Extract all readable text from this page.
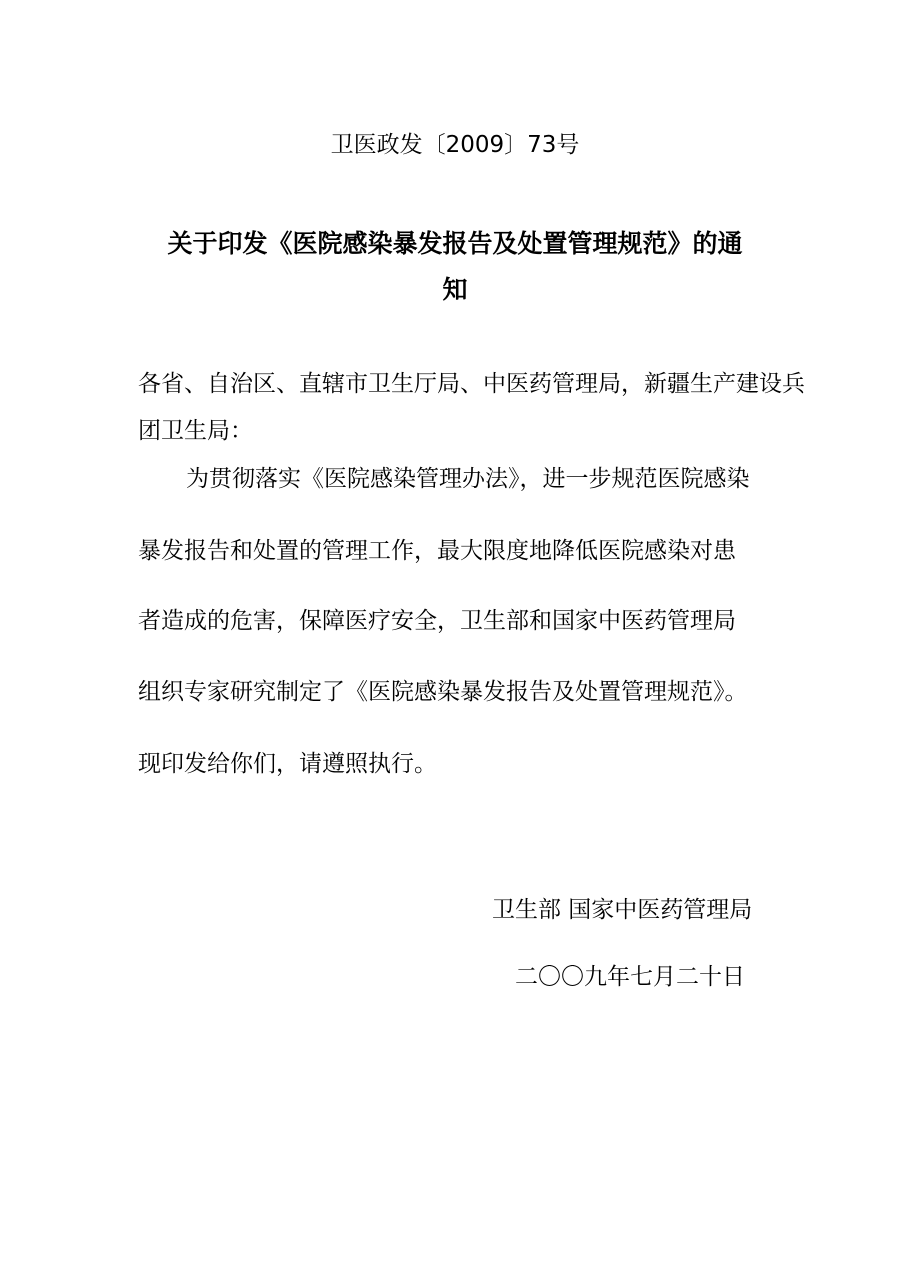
卫医政发〔2009〕73号
关于印发《医院感染暴发报告及处置管理规范》的通
知
各省、自治区、直辖市卫生厅局、中医药管理局，新疆生产建设兵
团卫生局：
为贯彻落实《医院感染管理办法》，进一步规范医院感染
暴发报告和处置的管理工作，最大限度地降低医院感染对患
者造成的危害，保障医疗安全，卫生部和国家中医药管理局
组织专家研究制定了《医院感染暴发报告及处置管理规范》。
现印发给你们，请遵照执行。
卫生部 国家中医药管理局
二〇〇九年七月二十日
